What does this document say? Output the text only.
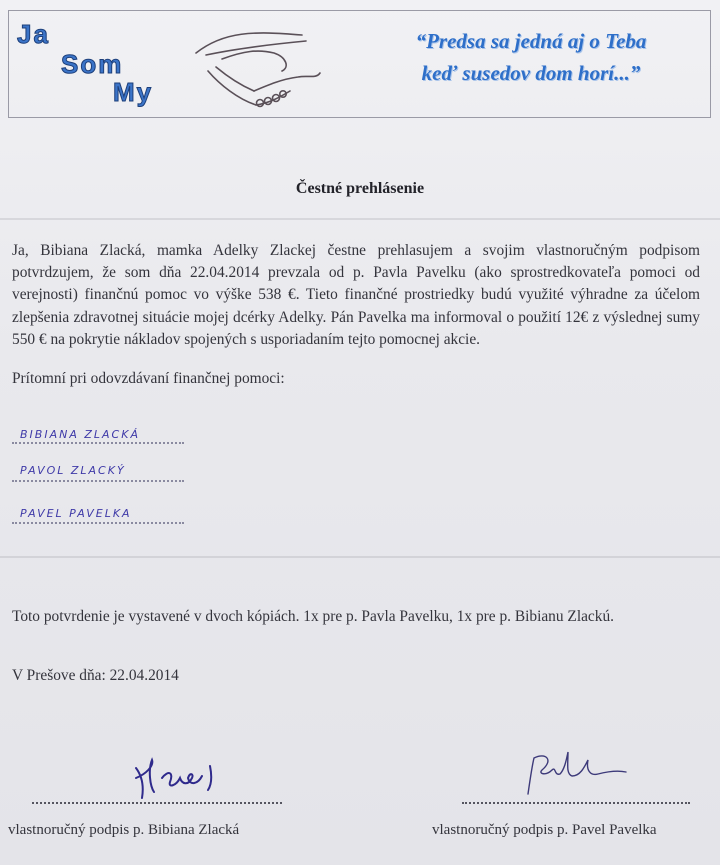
Ja
Som
My
“Predsa sa jedná aj o Teba
keď susedov dom horí...”
Čestné prehlásenie
Ja, Bibiana Zlacká, mamka Adelky Zlackej čestne prehlasujem a svojim vlastnoručným podpisom potvrdzujem, že som dňa 22.04.2014 prevzala od p. Pavla Pavelku (ako sprostredkovateľa pomoci od verejnosti) finančnú pomoc vo výške 538 €. Tieto finančné prostriedky budú využité výhradne za účelom zlepšenia zdravotnej situácie mojej dcérky Adelky. Pán Pavelka ma informoval o použití 12€ z výslednej sumy 550 € na pokrytie nákladov spojených s usporiadaním tejto pomocnej akcie.
Prítomní pri odovzdávaní finančnej pomoci:
BIBIANA ZLACKÁ
PAVOL ZLACKÝ
PAVEL PAVELKA
Toto potvrdenie je vystavené v dvoch kópiách. 1x pre p. Pavla Pavelku, 1x pre p. Bibianu Zlackú.
V Prešove dňa: 22.04.2014
vlastnoručný podpis p. Bibiana Zlacká	vlastnoručný podpis p. Pavel Pavelka
